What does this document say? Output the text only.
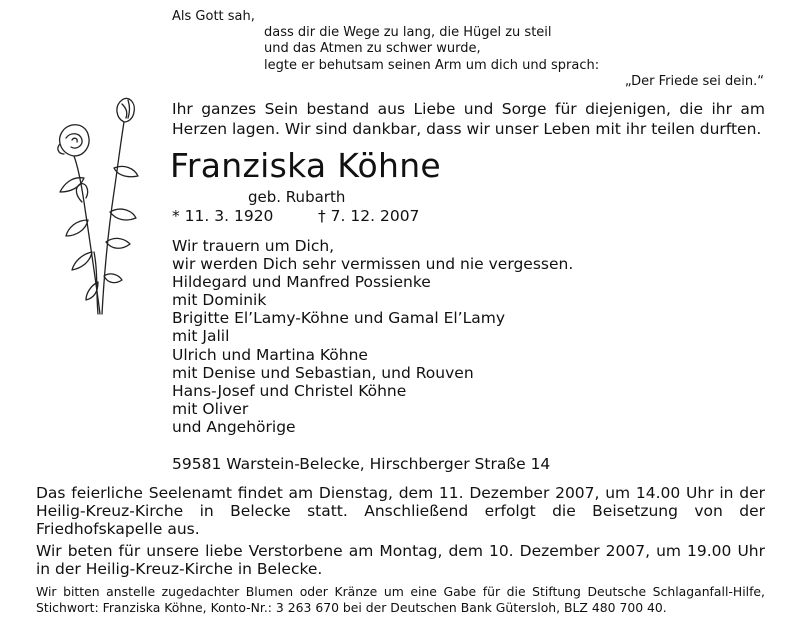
Als Gott sah,

dass dir die Wege zu lang, die Hügel zu steil

und das Atmen zu schwer wurde,

legte er behutsam seinen Arm um dich und sprach:

„Der Friede sei dein.“

Ihr ganzes Sein bestand aus Liebe und Sorge für diejenigen, die ihr am Herzen lagen. Wir sind dankbar, dass wir unser Leben mit ihr teilen durften.

Franziska Köhne

geb. Rubarth

* 11. 3. 1920	† 7. 12. 2007

Wir trauern um Dich,
wir werden Dich sehr vermissen und nie vergessen.
Hildegard und Manfred Possienke
mit Dominik
Brigitte El’Lamy-Köhne und Gamal El’Lamy
mit Jalil
Ulrich und Martina Köhne
mit Denise und Sebastian, und Rouven
Hans-Josef und Christel Köhne
mit Oliver
und Angehörige

59581 Warstein-Belecke, Hirschberger Straße 14

Das feierliche Seelenamt findet am Dienstag, dem 11. Dezember 2007, um 14.00 Uhr in der Heilig-Kreuz-Kirche in Belecke statt. Anschließend erfolgt die Beisetzung von der Friedhofskapelle aus.

Wir beten für unsere liebe Verstorbene am Montag, dem 10. Dezember 2007, um 19.00 Uhr in der Heilig-Kreuz-Kirche in Belecke.

Wir bitten anstelle zugedachter Blumen oder Kränze um eine Gabe für die Stiftung Deutsche Schlaganfall-Hilfe, Stichwort: Franziska Köhne, Konto-Nr.: 3 263 670 bei der Deutschen Bank Gütersloh, BLZ 480 700 40.
